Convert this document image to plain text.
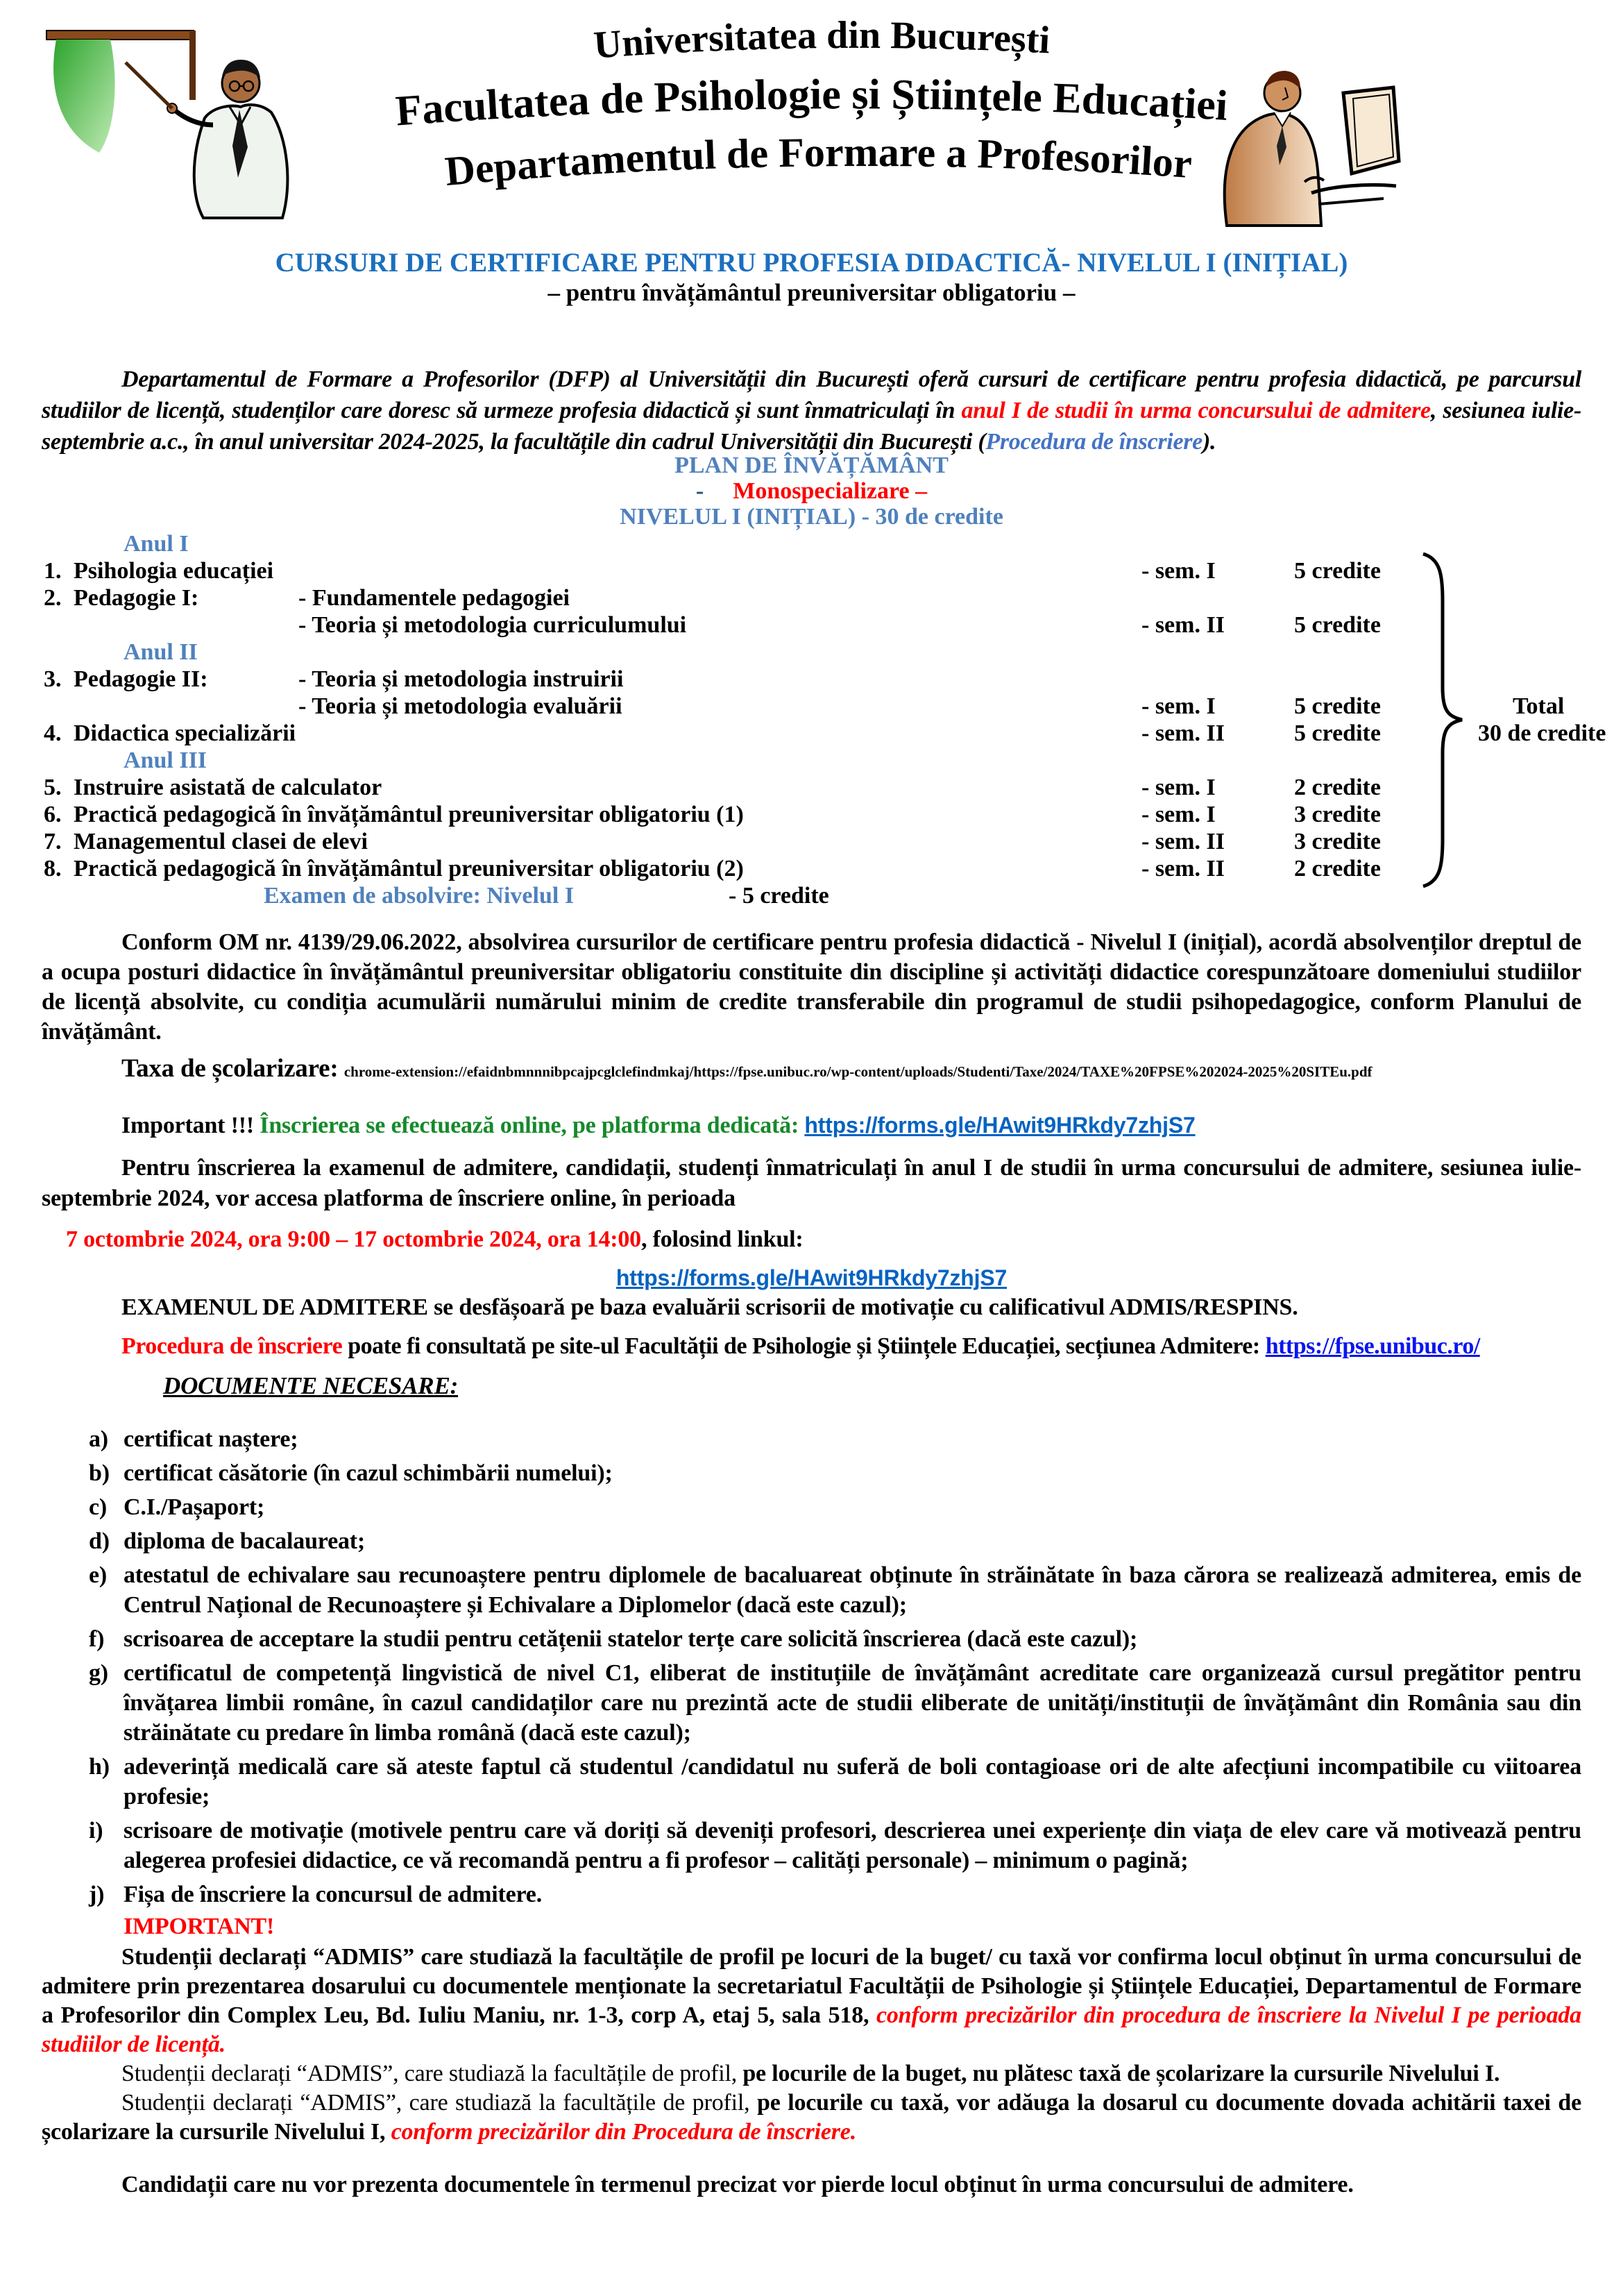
Universitatea din București
Facultatea de Psihologie și Științele Educației
Departamentul de Formare a Profesorilor
CURSURI DE CERTIFICARE PENTRU PROFESIA DIDACTICĂ- NIVELUL I (INIȚIAL)
– pentru învățământul preuniversitar obligatoriu –

Departamentul de Formare a Profesorilor (DFP) al Universității din București oferă cursuri de certificare pentru profesia didactică, pe parcursul studiilor de licență, studenților care doresc să urmeze profesia didactică și sunt înmatriculați în anul I de studii în urma concursului de admitere, sesiunea iulie-septembrie a.c., în anul universitar 2024-2025, la facultățile din cadrul Universității din București (Procedura de înscriere).

PLAN DE ÎNVĂȚĂMÂNT
- Monospecializare –
NIVELUL I (INIȚIAL) - 30 de credite
Anul I
1. Psihologia educației	- sem. I	5 credite
2. Pedagogie I:	- Fundamentele pedagogiei
- Teoria și metodologia curriculumului	- sem. II	5 credite
Anul II
3. Pedagogie II:	- Teoria și metodologia instruirii
- Teoria și metodologia evaluării	- sem. I	5 credite	Total
4. Didactica specializării	- sem. II	5 credite	30 de credite
Anul III
5. Instruire asistată de calculator	- sem. I	2 credite
6. Practică pedagogică în învățământul preuniversitar obligatoriu (1)	- sem. I	3 credite
7. Managementul clasei de elevi	- sem. II	3 credite
8. Practică pedagogică în învățământul preuniversitar obligatoriu (2)	- sem. II	2 credite
Examen de absolvire: Nivelul I	- 5 credite

Conform OM nr. 4139/29.06.2022, absolvirea cursurilor de certificare pentru profesia didactică - Nivelul I (inițial), acordă absolvenților dreptul de a ocupa posturi didactice în învățământul preuniversitar obligatoriu constituite din discipline și activități didactice corespunzătoare domeniului studiilor de licență absolvite, cu condiția acumulării numărului minim de credite transferabile din programul de studii psihopedagogice, conform Planului de învățământ.

Taxa de școlarizare: chrome-extension://efaidnbmnnnibpcajpcglclefindmkaj/https://fpse.unibuc.ro/wp-content/uploads/Studenti/Taxe/2024/TAXE%20FPSE%202024-2025%20SITEu.pdf

Important !!! Înscrierea se efectuează online, pe platforma dedicată: https://forms.gle/HAwit9HRkdy7zhjS7

Pentru înscrierea la examenul de admitere, candidații, studenți înmatriculați în anul I de studii în urma concursului de admitere, sesiunea iulie-septembrie 2024, vor accesa platforma de înscriere online, în perioada

7 octombrie 2024, ora 9:00 – 17 octombrie 2024, ora 14:00, folosind linkul:

https://forms.gle/HAwit9HRkdy7zhjS7

EXAMENUL DE ADMITERE se desfășoară pe baza evaluării scrisorii de motivație cu calificativul ADMIS/RESPINS.

Procedura de înscriere poate fi consultată pe site-ul Facultății de Psihologie și Științele Educației, secțiunea Admitere: https://fpse.unibuc.ro/

DOCUMENTE NECESARE:

a) certificat naștere;
b) certificat căsătorie (în cazul schimbării numelui);
c) C.I./Pașaport;
d) diploma de bacalaureat;
e) atestatul de echivalare sau recunoaștere pentru diplomele de bacaluareat obținute în străinătate în baza cărora se realizează admiterea, emis de Centrul Național de Recunoaștere și Echivalare a Diplomelor (dacă este cazul);
f) scrisoarea de acceptare la studii pentru cetățenii statelor terțe care solicită înscrierea (dacă este cazul);
g) certificatul de competență lingvistică de nivel C1, eliberat de instituțiile de învățământ acreditate care organizează cursul pregătitor pentru învățarea limbii române, în cazul candidaților care nu prezintă acte de studii eliberate de unități/instituții de învățământ din România sau din străinătate cu predare în limba română (dacă este cazul);
h) adeverință medicală care să ateste faptul că studentul /candidatul nu suferă de boli contagioase ori de alte afecțiuni incompatibile cu viitoarea profesie;
i) scrisoare de motivație (motivele pentru care vă doriți să deveniți profesori, descrierea unei experiențe din viața de elev care vă motivează pentru alegerea profesiei didactice, ce vă recomandă pentru a fi profesor – calități personale) – minimum o pagină;
j) Fișa de înscriere la concursul de admitere.

IMPORTANT!

Studenții declarați “ADMIS” care studiază la facultățile de profil pe locuri de la buget/ cu taxă vor confirma locul obținut în urma concursului de admitere prin prezentarea dosarului cu documentele menționate la secretariatul Facultății de Psihologie și Științele Educației, Departamentul de Formare a Profesorilor din Complex Leu, Bd. Iuliu Maniu, nr. 1-3, corp A, etaj 5, sala 518, conform precizărilor din procedura de înscriere la Nivelul I pe perioada studiilor de licență.

Studenții declarați “ADMIS”, care studiază la facultățile de profil, pe locurile de la buget, nu plătesc taxă de școlarizare la cursurile Nivelului I.

Studenții declarați “ADMIS”, care studiază la facultățile de profil, pe locurile cu taxă, vor adăuga la dosarul cu documente dovada achitării taxei de școlarizare la cursurile Nivelului I, conform precizărilor din Procedura de înscriere.

Candidații care nu vor prezenta documentele în termenul precizat vor pierde locul obținut în urma concursului de admitere.
